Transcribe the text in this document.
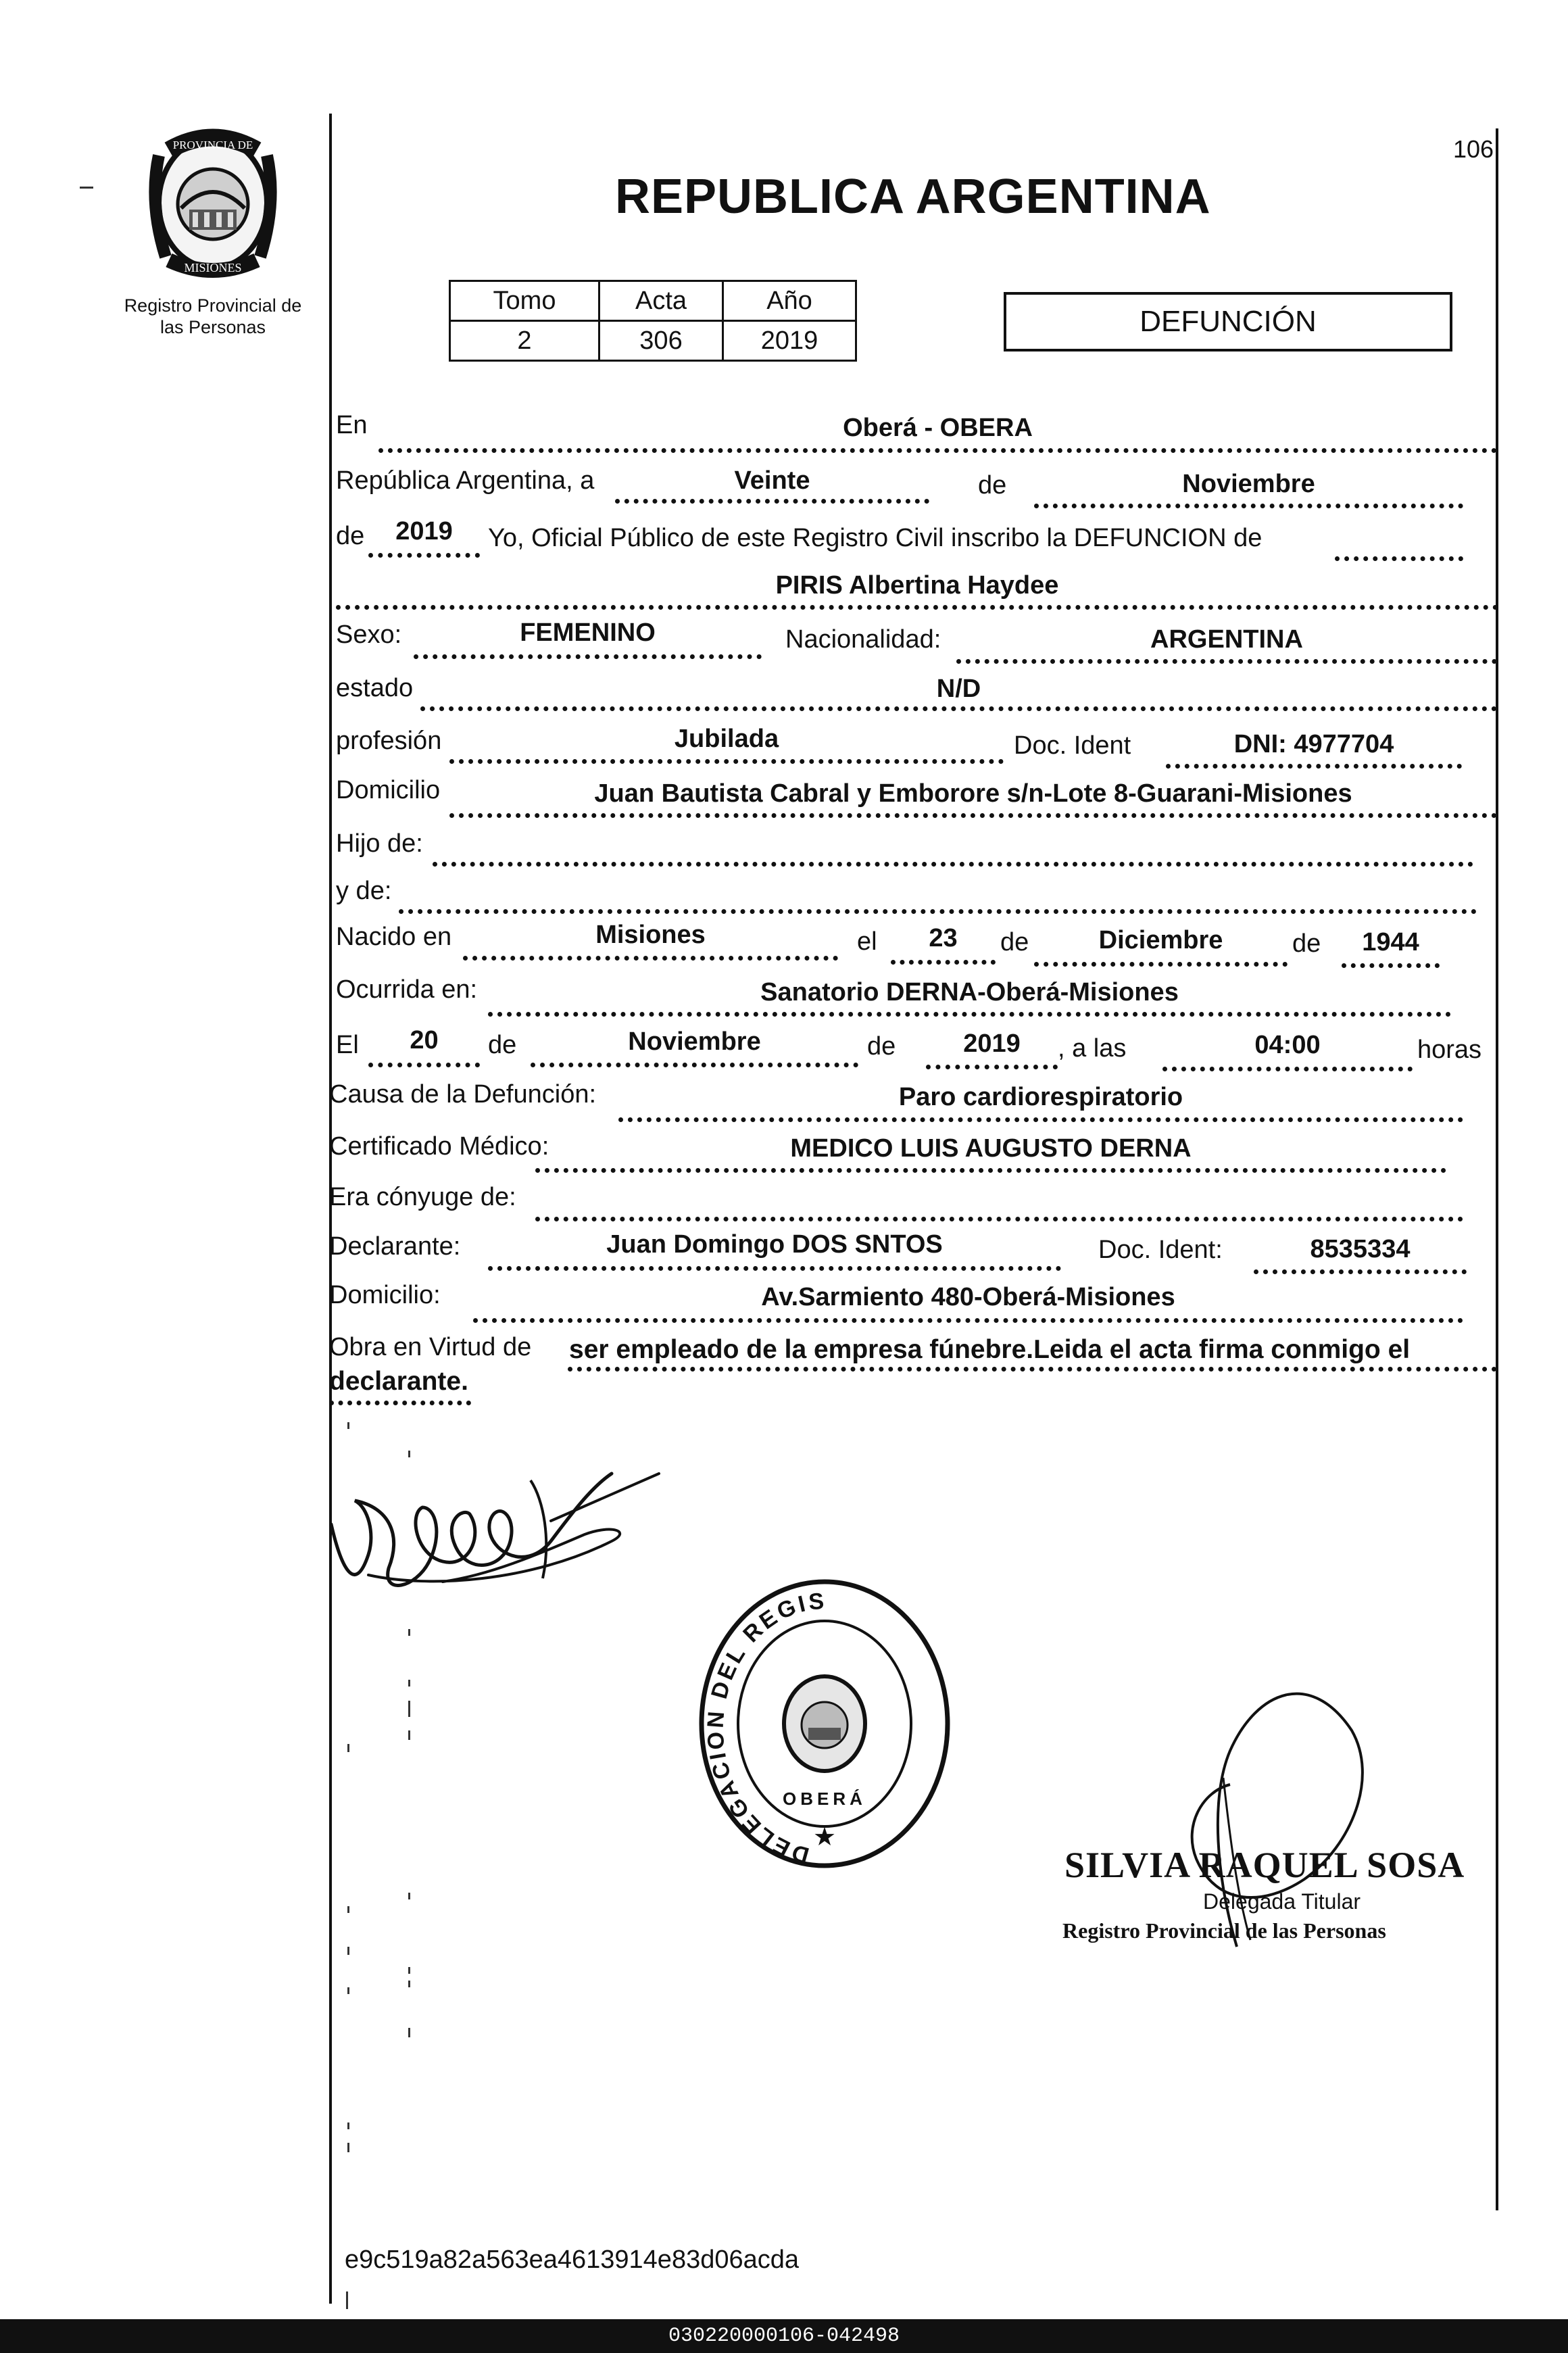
106
PROVINCIA DE
MISIONES
Registro Provincial de las Personas
REPUBLICA ARGENTINA
Tomo	Acta	Año
2	306	2019
DEFUNCIÓN
En	Oberá - OBERA
República Argentina, a	Veinte	de	Noviembre
de	2019	Yo, Oficial Público de este Registro Civil inscribo la DEFUNCION de
PIRIS Albertina Haydee
Sexo:	FEMENINO	Nacionalidad:	ARGENTINA
estado	N/D
profesión	Jubilada	Doc. Ident	DNI: 4977704
Domicilio	Juan Bautista Cabral y Emborore s/n-Lote 8-Guarani-Misiones
Hijo de:
y de:
Nacido en	Misiones	el	23	de	Diciembre	de	1944
Ocurrida en:	Sanatorio DERNA-Oberá-Misiones
El	20	de	Noviembre	de	2019	, a las	04:00	horas
Causa de la Defunción:	Paro cardiorespiratorio
Certificado Médico:	MEDICO LUIS AUGUSTO DERNA
Era cónyuge de:
Declarante:	Juan Domingo DOS SNTOS	Doc. Ident:	8535334
Domicilio:	Av.Sarmiento 480-Oberá-Misiones
Obra en Virtud de ser empleado de la empresa fúnebre.Leida el acta firma conmigo el
declarante.
DELEGACION DEL REGIS
OBERÁ
★
SILVIA RAQUEL SOSA
Delegada Titular
Registro Provincial de las Personas
e9c519a82a563ea4613914e83d06acda
030220000106-042498
